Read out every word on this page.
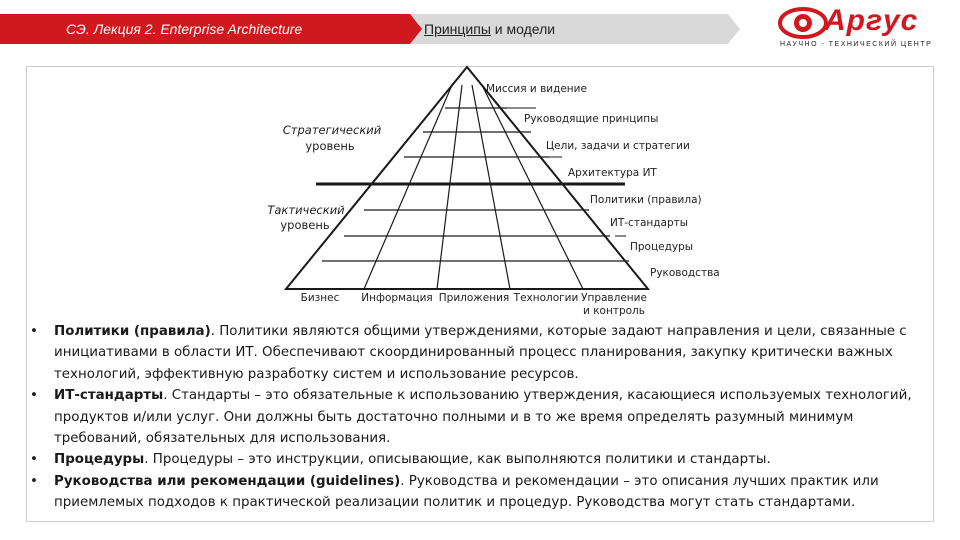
СЭ. Лекция 2. Enterprise Architecture	Принципы и модели	Аргус
НАУЧНО - ТЕХНИЧЕСКИЙ ЦЕНТР
Миссия и видение
Руководящие принципы
Цели, задачи и стратегии
Архитектура ИТ
Политики (правила)
ИТ-стандарты
Процедуры
Руководства
Стратегический
уровень
Тактический
уровень
Бизнес Информация Приложения Технологии Управление
и контроль
• Политики (правила). Политики являются общими утверждениями, которые задают направления и цели, связанные с инициативами в области ИТ. Обеспечивают скоординированный процесс планирования, закупку критически важных технологий, эффективную разработку систем и использование ресурсов.
• ИТ-стандарты. Стандарты – это обязательные к использованию утверждения, касающиеся используемых технологий, продуктов и/или услуг. Они должны быть достаточно полными и в то же время определять разумный минимум требований, обязательных для использования.
• Процедуры. Процедуры – это инструкции, описывающие, как выполняются политики и стандарты.
• Руководства или рекомендации (guidelines). Руководства и рекомендации – это описания лучших практик или приемлемых подходов к практической реализации политик и процедур. Руководства могут стать стандартами.
